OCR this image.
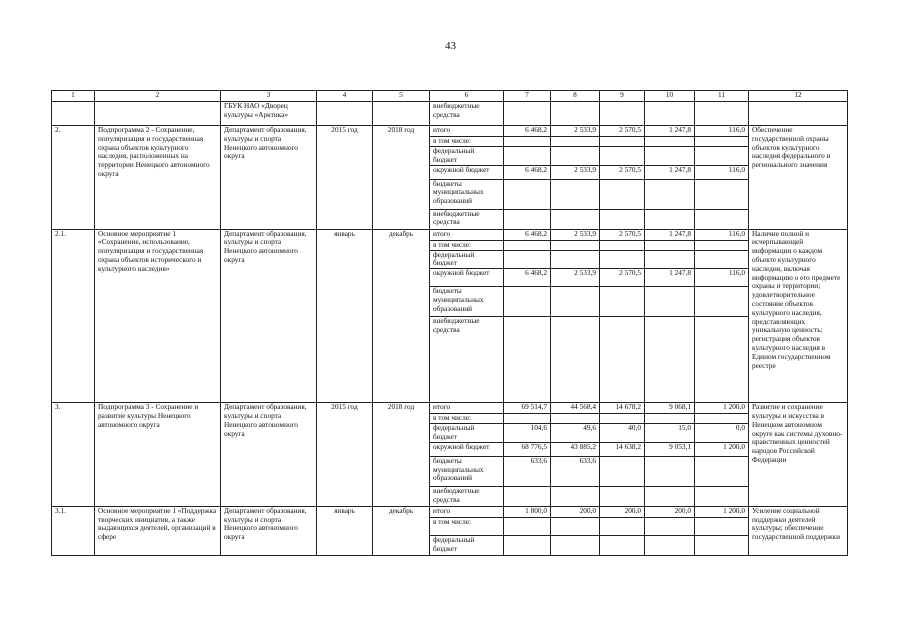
43
1	2	3	4	5	6	7	8	9	10	11	12
		ГБУК НАО «Дворец культуры «Арктика»			внебюджетные средства						
2.	Подпрограмма 2 - Сохранение, популяризация и государственная охрана объектов культурного наследия, расположенных на территории Ненецкого автономного округа	Департамент образования, культуры и спорта Ненецкого автономного округа	2015 год	2018 год	итого	6 468,2	2 533,9	2 570,5	1 247,8	116,0	Обеспечение государственной охраны объектов культурного наследия федерального и регионального значения
					в том числе:						
					федеральный бюджет						
					окружной бюджет	6 468,2	2 533,9	2 570,5	1 247,8	116,0	
					бюджеты муниципальных образований						
					внебюджетные средства						
2.1.	Основное мероприятие 1 «Сохранение, использование, популяризация и государственная охрана объектов исторического и культурного наследия»	Департамент образования, культуры и спорта Ненецкого автономного округа	январь	декабрь	итого	6 468,2	2 533,9	2 570,5	1 247,8	116,0	Наличие полной и исчерпывающей информации о каждом объекте культурного наследия, включая информацию о его предмете охраны и территории; удовлетворительное состояние объектов культурного наследия, представляющих уникальную ценность; регистрация объектов культурного наследия в Едином государственном реестре
					в том числе:						
					федеральный бюджет						
					окружной бюджет	6 468,2	2 533,9	2 570,5	1 247,8	116,0	
					бюджеты муниципальных образований						
					внебюджетные средства						
3.	Подпрограмма 3 - Сохранение и развитие культуры Ненецкого автономного округа	Департамент образования, культуры и спорта Ненецкого автономного округа	2015 год	2018 год	итого	69 514,7	44 568,4	14 678,2	9 068,1	1 200,0	Развитие и сохранение культуры и искусства в Ненецком автономном округе как системы духовно-нравственных ценностей народов Российской Федерации
					в том числе:						
					федеральный бюджет	104,6	49,6	40,0	15,0	0,0	
					окружной бюджет	68 776,5	43 885,2	14 638,2	9 053,1	1 200,0	
					бюджеты муниципальных образований	633,6	633,6				
					внебюджетные средства						
3.1.	Основное мероприятие 1 «Поддержка творческих инициатив, а также выдающихся деятелей, организаций в сфере	Департамент образования, культуры и спорта Ненецкого автономного округа	январь	декабрь	итого	1 800,0	200,0	200,0	200,0	1 200,0	Усиление социальной поддержки деятелей культуры; обеспечение государственной поддержки
					в том числе:						
					федеральный бюджет						
